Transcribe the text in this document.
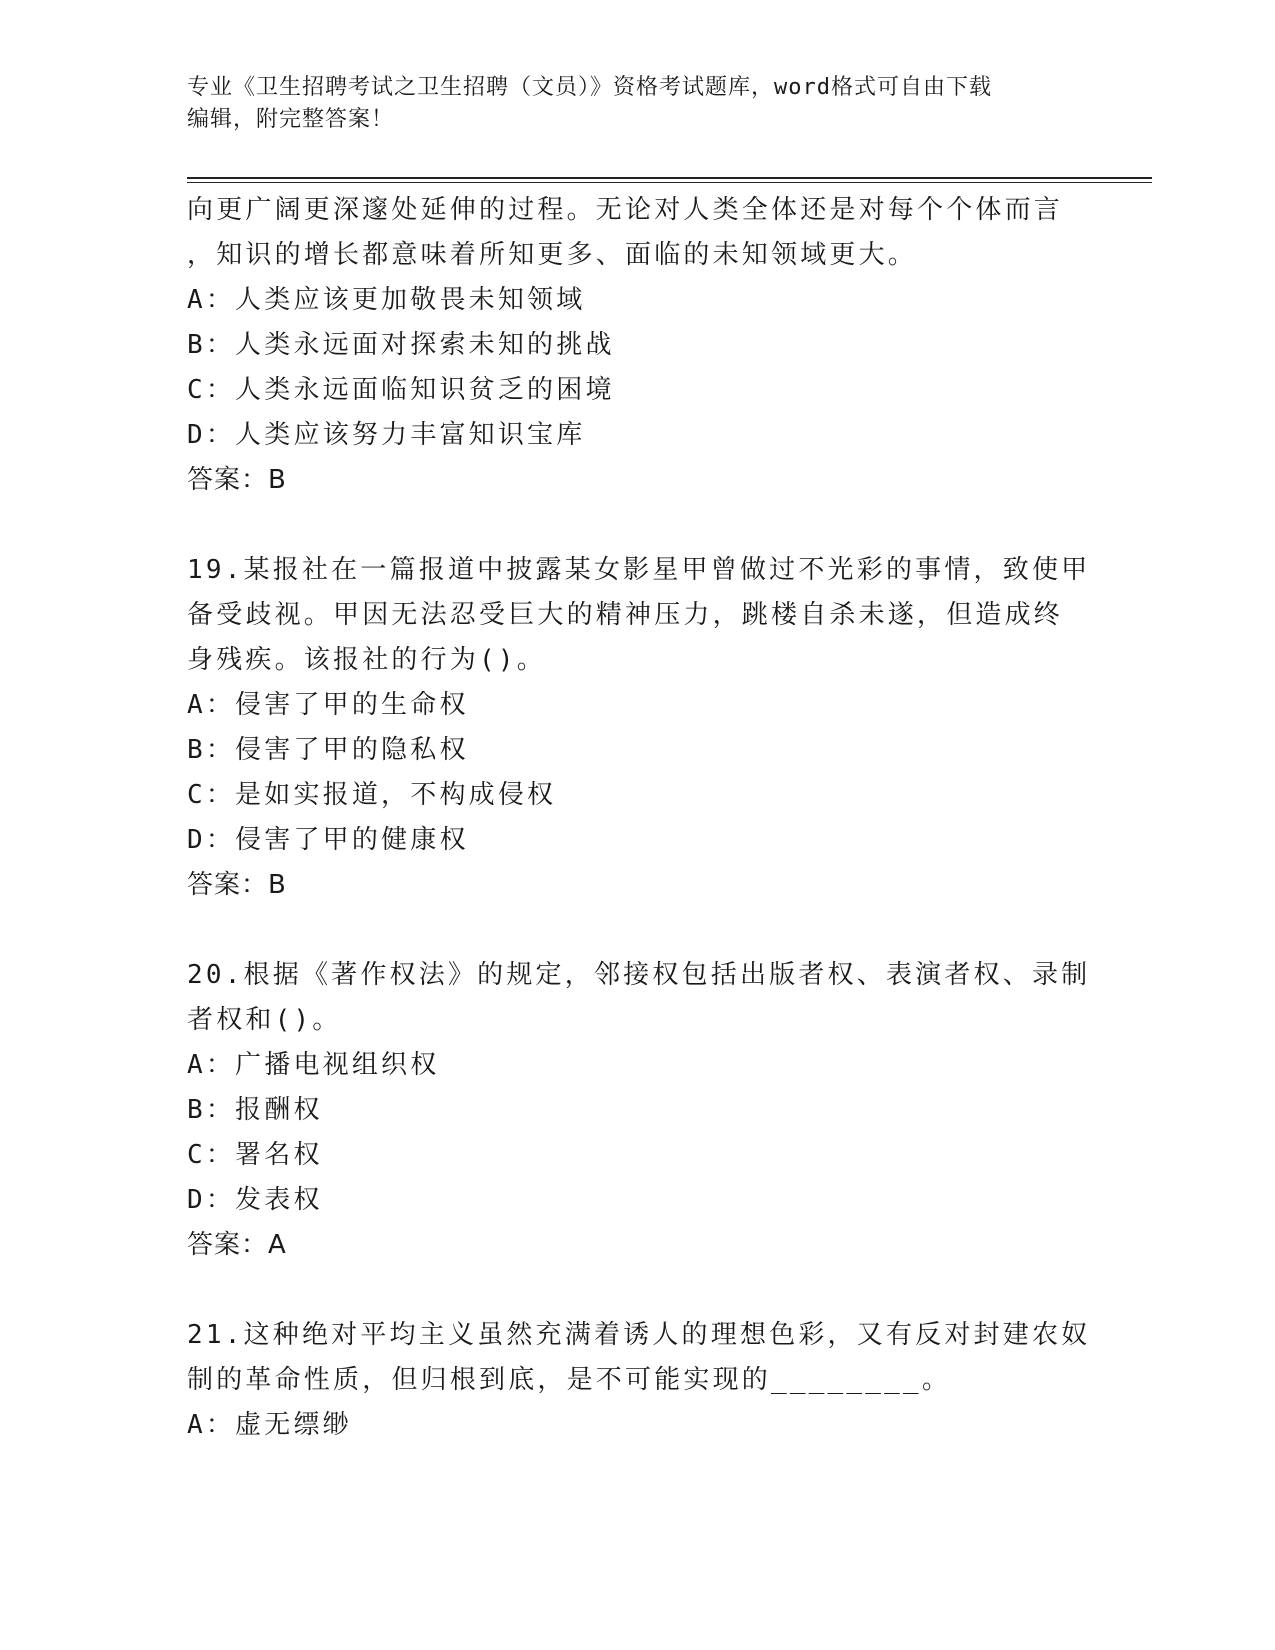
专业《卫生招聘考试之卫生招聘（文员）》资格考试题库，word格式可自由下载
编辑，附完整答案！
向更广阔更深邃处延伸的过程。无论对人类全体还是对每个个体而言
，知识的增长都意味着所知更多、面临的未知领域更大。
A：人类应该更加敬畏未知领域
B：人类永远面对探索未知的挑战
C：人类永远面临知识贫乏的困境
D：人类应该努力丰富知识宝库
答案：B
19.某报社在一篇报道中披露某女影星甲曾做过不光彩的事情，致使甲
备受歧视。甲因无法忍受巨大的精神压力，跳楼自杀未遂，但造成终
身残疾。该报社的行为()。
A：侵害了甲的生命权
B：侵害了甲的隐私权
C：是如实报道，不构成侵权
D：侵害了甲的健康权
答案：B
20.根据《著作权法》的规定，邻接权包括出版者权、表演者权、录制
者权和()。
A：广播电视组织权
B：报酬权
C：署名权
D：发表权
答案：A
21.这种绝对平均主义虽然充满着诱人的理想色彩，又有反对封建农奴
制的革命性质，但归根到底，是不可能实现的________。
A：虚无缥缈
